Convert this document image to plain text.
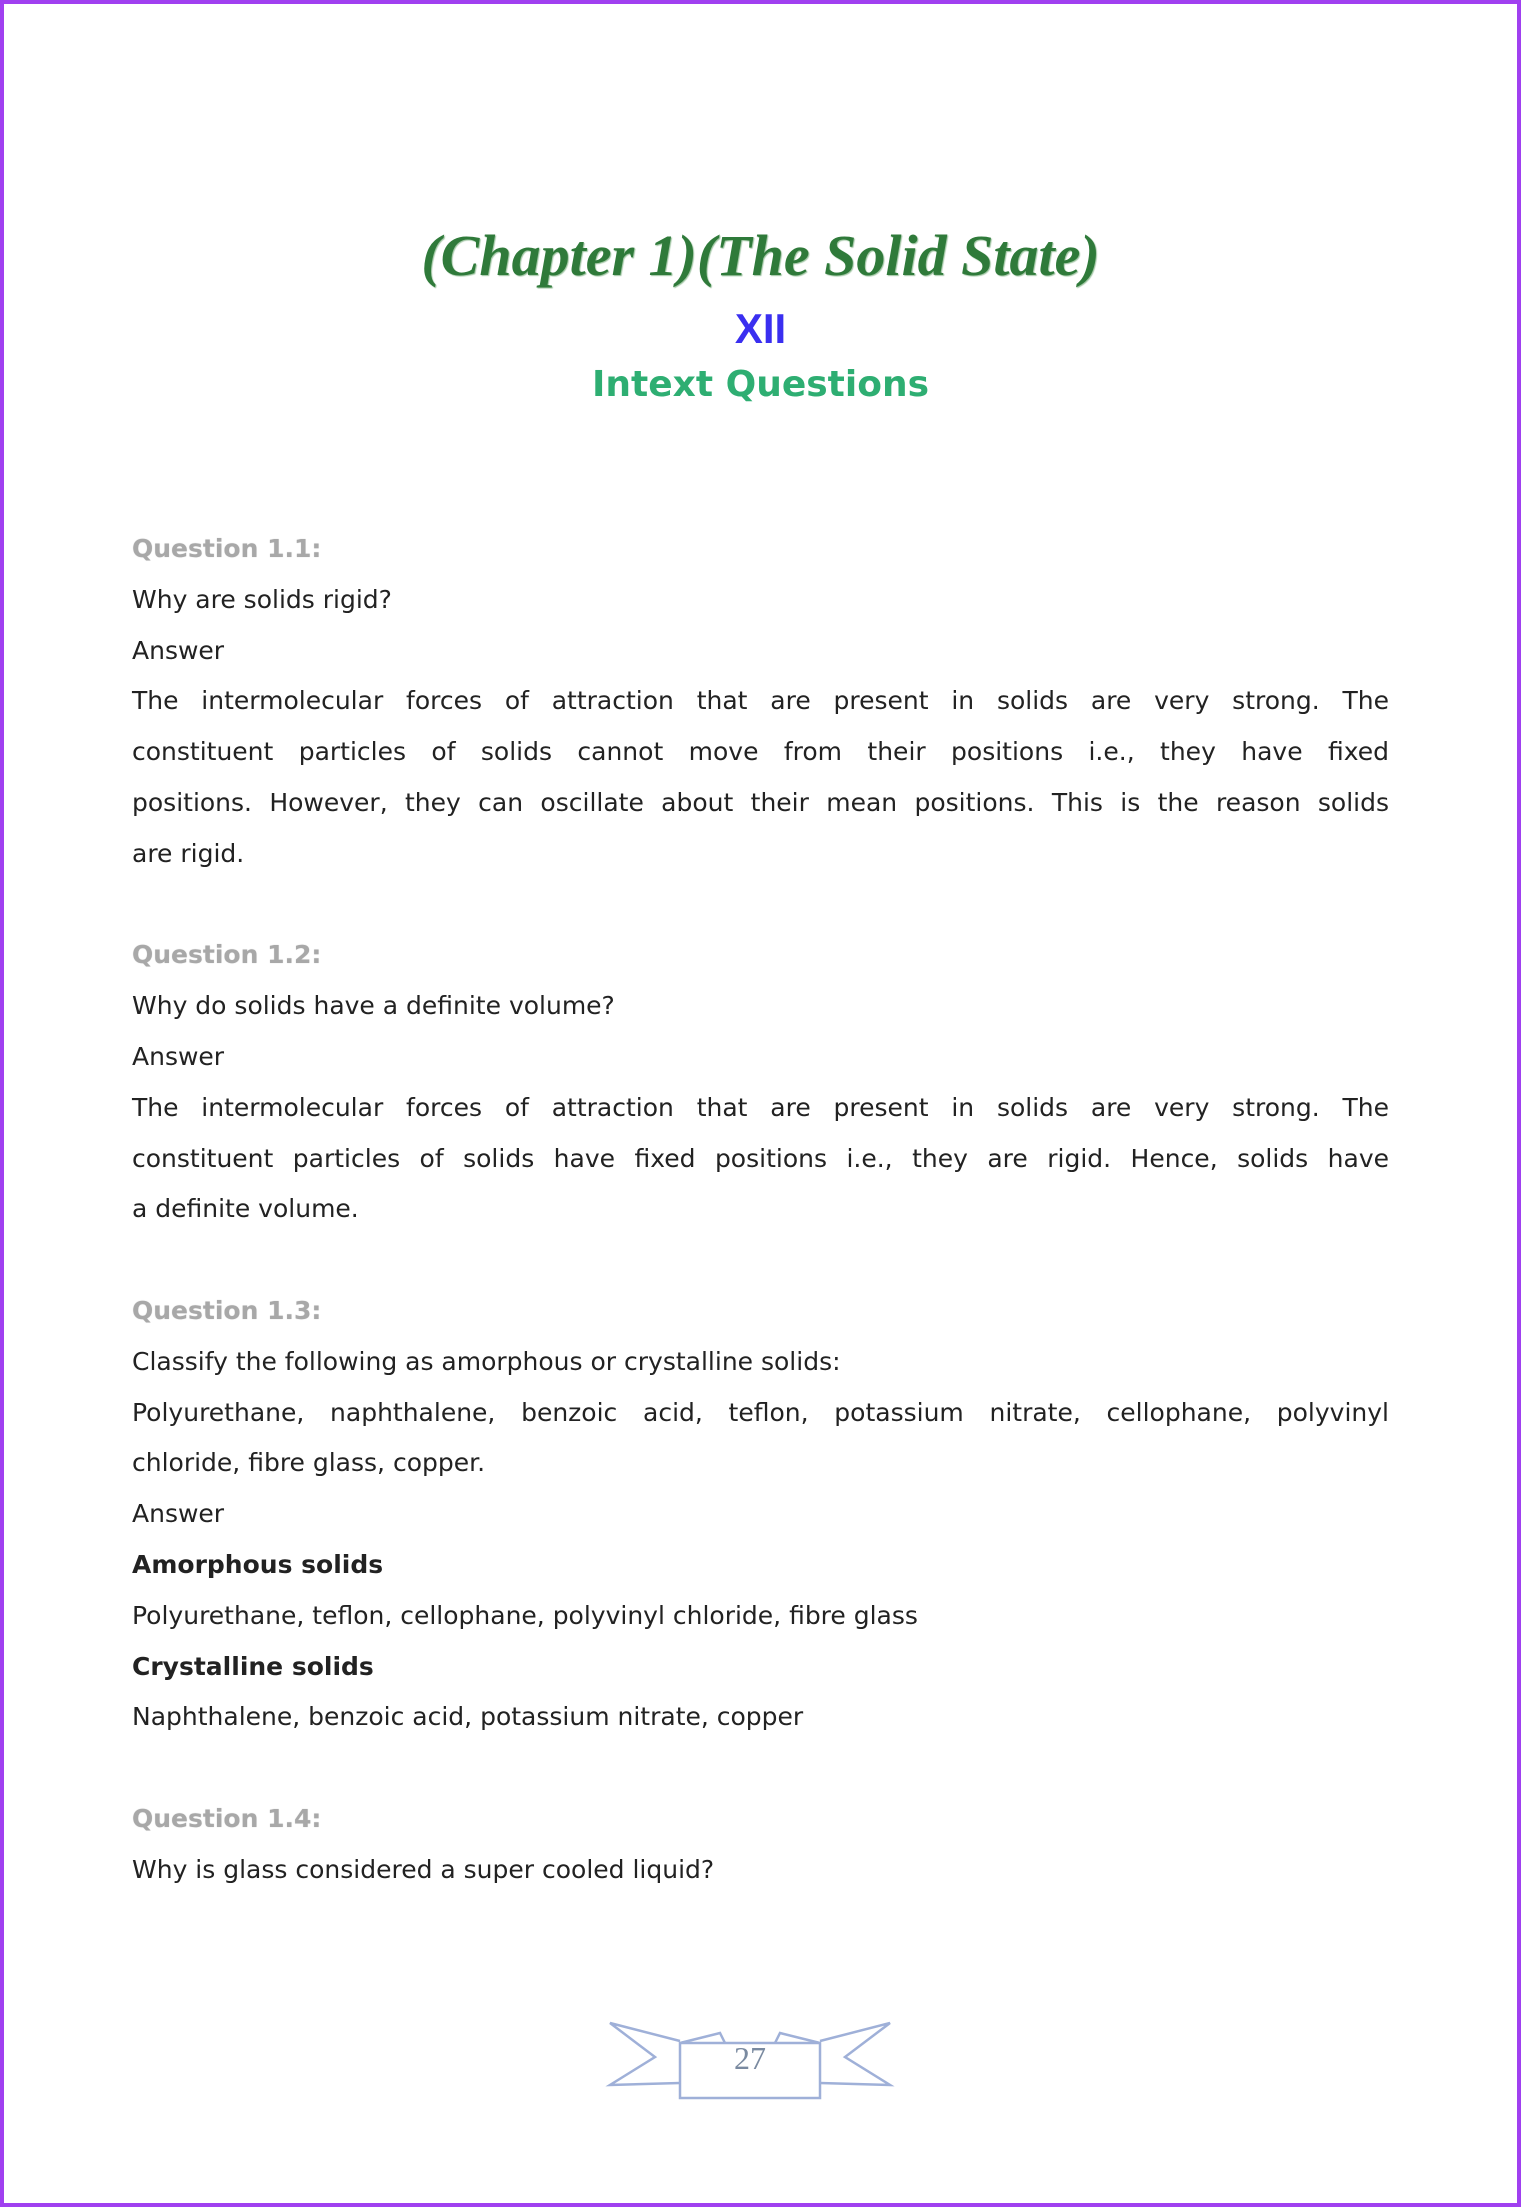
(Chapter 1)(The Solid State)
XII
Intext Questions
Question 1.1:
Why are solids rigid?
Answer
The intermolecular forces of attraction that are present in solids are very strong. The
constituent particles of solids cannot move from their positions i.e., they have fixed
positions. However, they can oscillate about their mean positions. This is the reason solids
are rigid.
Question 1.2:
Why do solids have a definite volume?
Answer
The intermolecular forces of attraction that are present in solids are very strong. The
constituent particles of solids have fixed positions i.e., they are rigid. Hence, solids have
a definite volume.
Question 1.3:
Classify the following as amorphous or crystalline solids:
Polyurethane, naphthalene, benzoic acid, teflon, potassium nitrate, cellophane, polyvinyl
chloride, fibre glass, copper.
Answer
Amorphous solids
Polyurethane, teflon, cellophane, polyvinyl chloride, fibre glass
Crystalline solids
Naphthalene, benzoic acid, potassium nitrate, copper
Question 1.4:
Why is glass considered a super cooled liquid?
27
